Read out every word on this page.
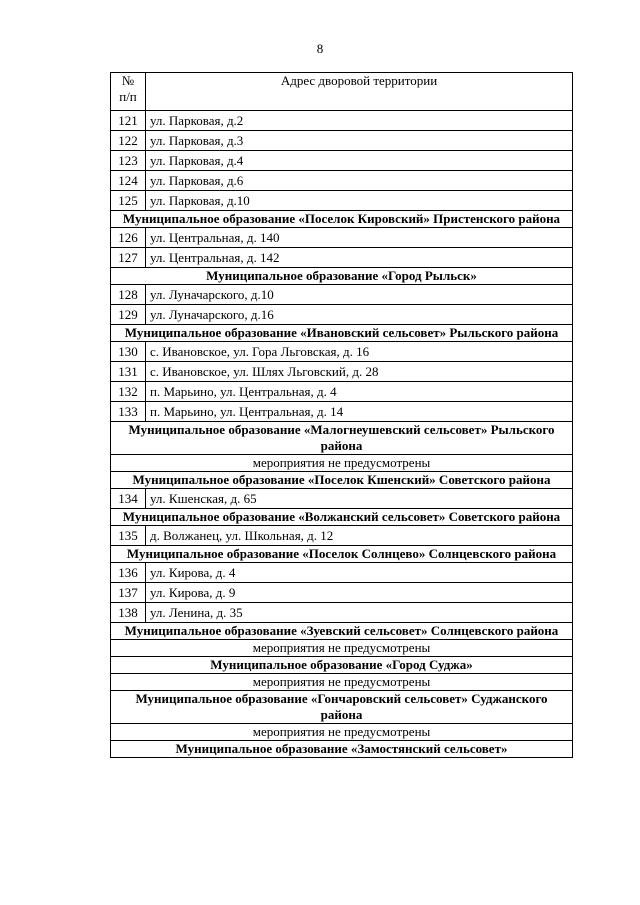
8
№
п/п	Адрес дворовой территории
121	ул. Парковая, д.2
122	ул. Парковая, д.3
123	ул. Парковая, д.4
124	ул. Парковая, д.6
125	ул. Парковая, д.10
Муниципальное образование «Поселок Кировский» Пристенского района	
126	ул. Центральная, д. 140
127	ул. Центральная, д. 142
Муниципальное образование «Город Рыльск»	
128	ул. Луначарского, д.10
129	ул. Луначарского, д.16
Муниципальное образование «Ивановский сельсовет» Рыльского района	
130	с. Ивановское, ул. Гора Льговская, д. 16
131	с. Ивановское, ул. Шлях Льговский, д. 28
132	п. Марьино, ул. Центральная, д. 4
133	п. Марьино, ул. Центральная, д. 14
Муниципальное образование «Малогнеушевский сельсовет» Рыльского района	
мероприятия не предусмотрены	
Муниципальное образование «Поселок Кшенский» Советского района	
134	ул. Кшенская, д. 65
Муниципальное образование «Волжанский сельсовет» Советского района	
135	д. Волжанец, ул. Школьная, д. 12
Муниципальное образование «Поселок Солнцево» Солнцевского района	
136	ул. Кирова, д. 4
137	ул. Кирова, д. 9
138	ул. Ленина, д. 35
Муниципальное образование «Зуевский сельсовет» Солнцевского района	
мероприятия не предусмотрены	
Муниципальное образование «Город Суджа»	
мероприятия не предусмотрены	
Муниципальное образование «Гончаровский сельсовет» Суджанского района	
мероприятия не предусмотрены	
Муниципальное образование «Замостянский сельсовет»	
